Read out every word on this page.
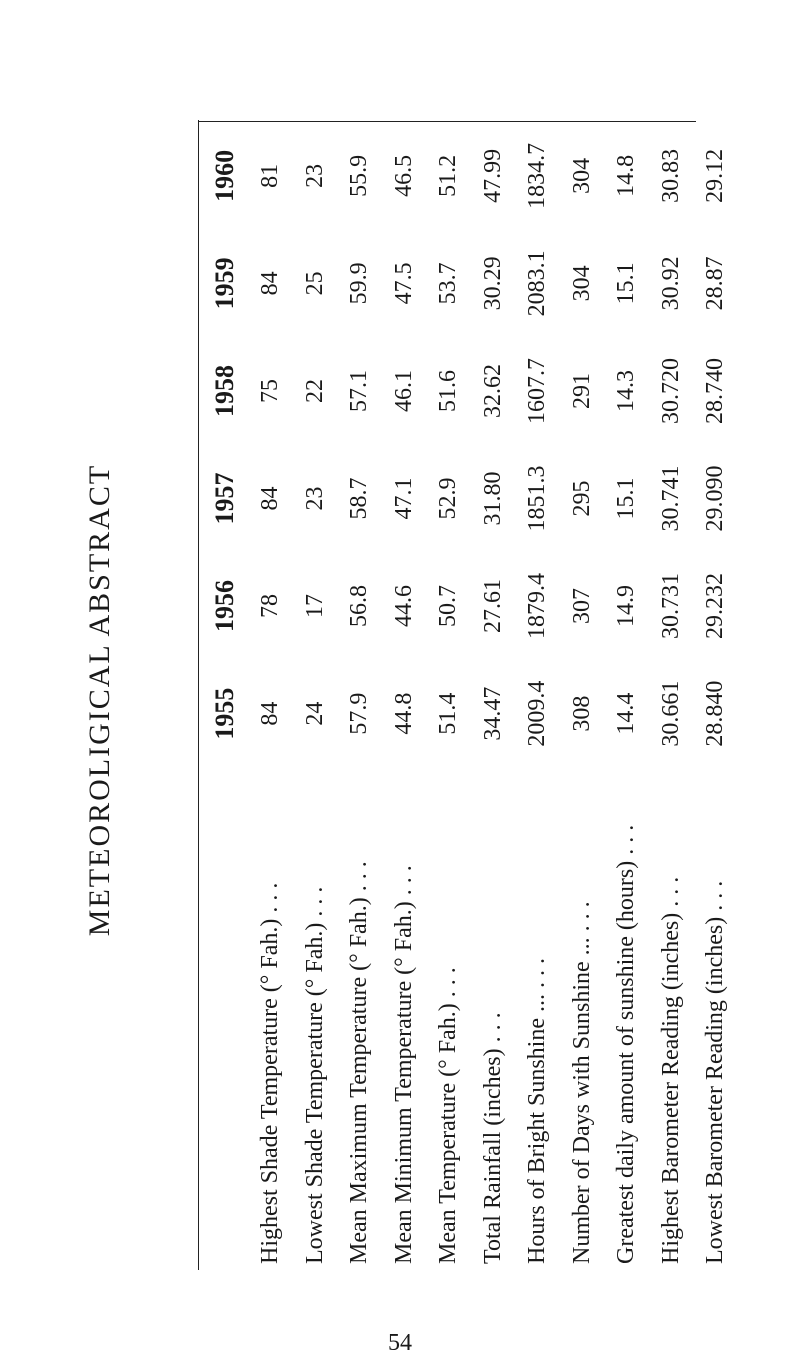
METEOROLIGICAL ABSTRACT
		1955	1956	1957	1958	1959	1960
Highest Shade Temperature (° Fah.)...	84	78	84	75	84	81
Lowest Shade Temperature (° Fah.)...	24	17	23	22	25	23
Mean Maximum Temperature (° Fah.)...	57.9	56.8	58.7	57.1	59.9	55.9
Mean Minimum Temperature (° Fah.)...	44.8	44.6	47.1	46.1	47.5	46.5
Mean Temperature (° Fah.)...	51.4	50.7	52.9	51.6	53.7	51.2
Total Rainfall (inches)...	34.47	27.61	31.80	32.62	30.29	47.99
Hours of Bright Sunshine ......	2009.4	1879.4	1851.3	1607.7	2083.1	1834.7
Number of Days with Sunshine ......	308	307	295	291	304	304
Greatest daily amount of sunshine (hours)...	14.4	14.9	15.1	14.3	15.1	14.8
Highest Barometer Reading (inches)...	30.661	30.731	30.741	30.720	30.92	30.83
Lowest Barometer Reading (inches)...	28.840	29.232	29.090	28.740	28.87	29.12
54
